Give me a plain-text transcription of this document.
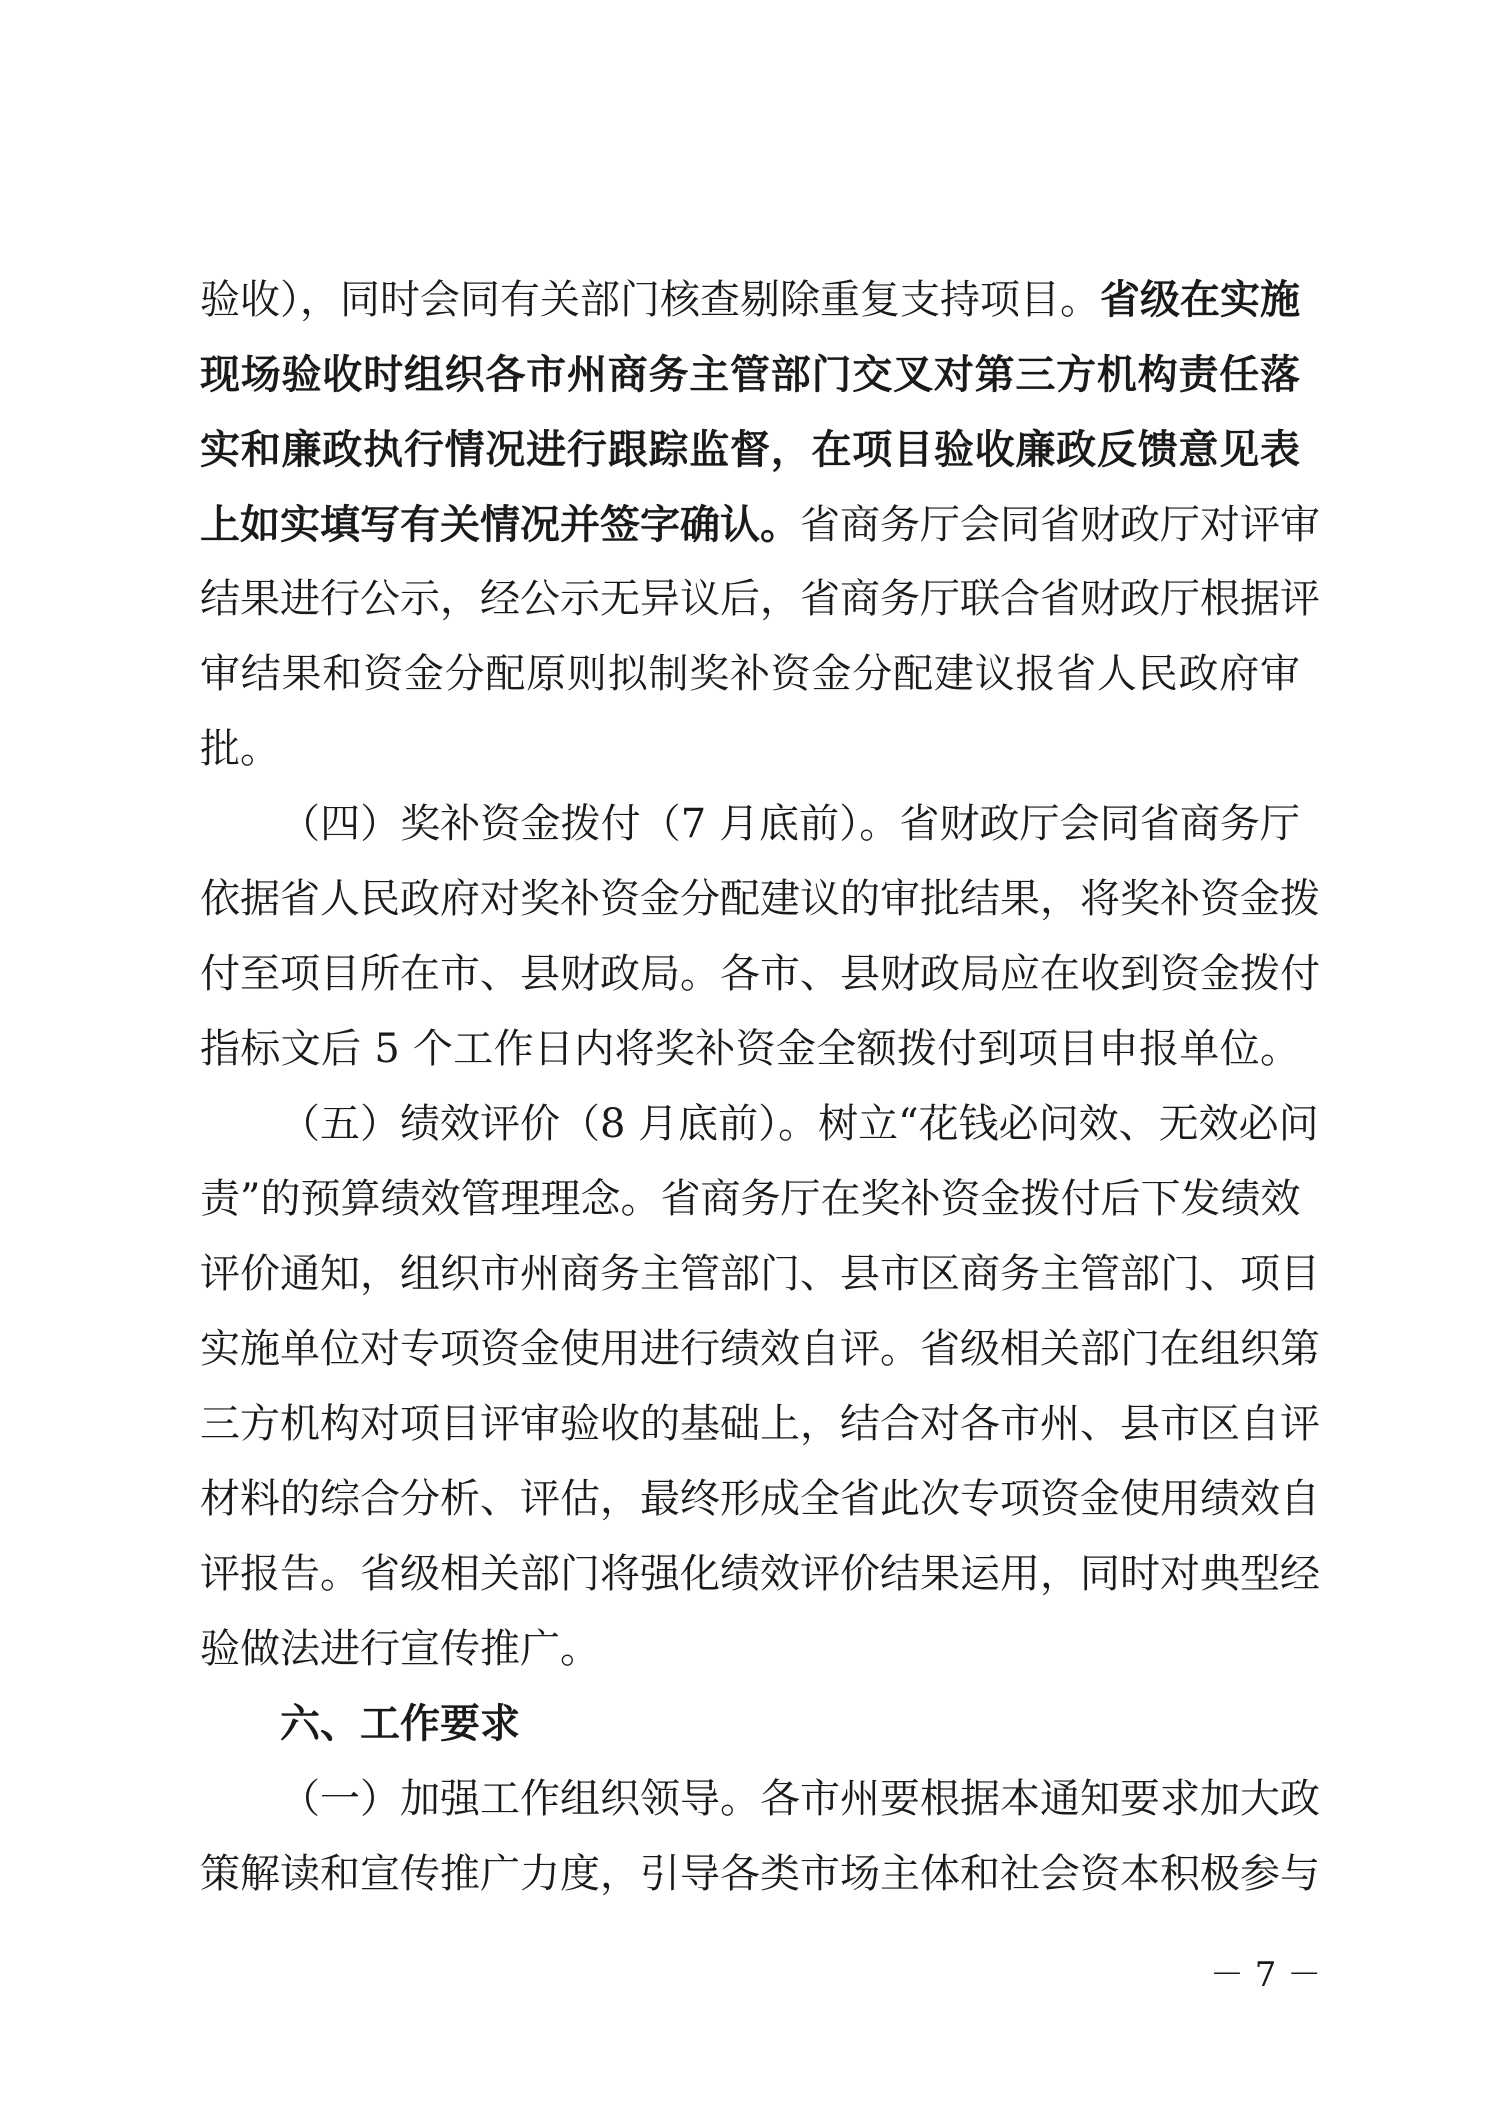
验收），同时会同有关部门核查剔除重复支持项目。省级在实施
现场验收时组织各市州商务主管部门交叉对第三方机构责任落
实和廉政执行情况进行跟踪监督，在项目验收廉政反馈意见表
上如实填写有关情况并签字确认。省商务厅会同省财政厅对评审
结果进行公示，经公示无异议后，省商务厅联合省财政厅根据评
审结果和资金分配原则拟制奖补资金分配建议报省人民政府审
批。
（四）奖补资金拨付（7 月底前）。省财政厅会同省商务厅
依据省人民政府对奖补资金分配建议的审批结果，将奖补资金拨
付至项目所在市、县财政局。各市、县财政局应在收到资金拨付
指标文后 5 个工作日内将奖补资金全额拨付到项目申报单位。
（五）绩效评价（8 月底前）。树立“花钱必问效、无效必问
责”的预算绩效管理理念。省商务厅在奖补资金拨付后下发绩效
评价通知，组织市州商务主管部门、县市区商务主管部门、项目
实施单位对专项资金使用进行绩效自评。省级相关部门在组织第
三方机构对项目评审验收的基础上，结合对各市州、县市区自评
材料的综合分析、评估，最终形成全省此次专项资金使用绩效自
评报告。省级相关部门将强化绩效评价结果运用，同时对典型经
验做法进行宣传推广。
六、工作要求
（一）加强工作组织领导。各市州要根据本通知要求加大政
策解读和宣传推广力度，引导各类市场主体和社会资本积极参与
－ 7 －
